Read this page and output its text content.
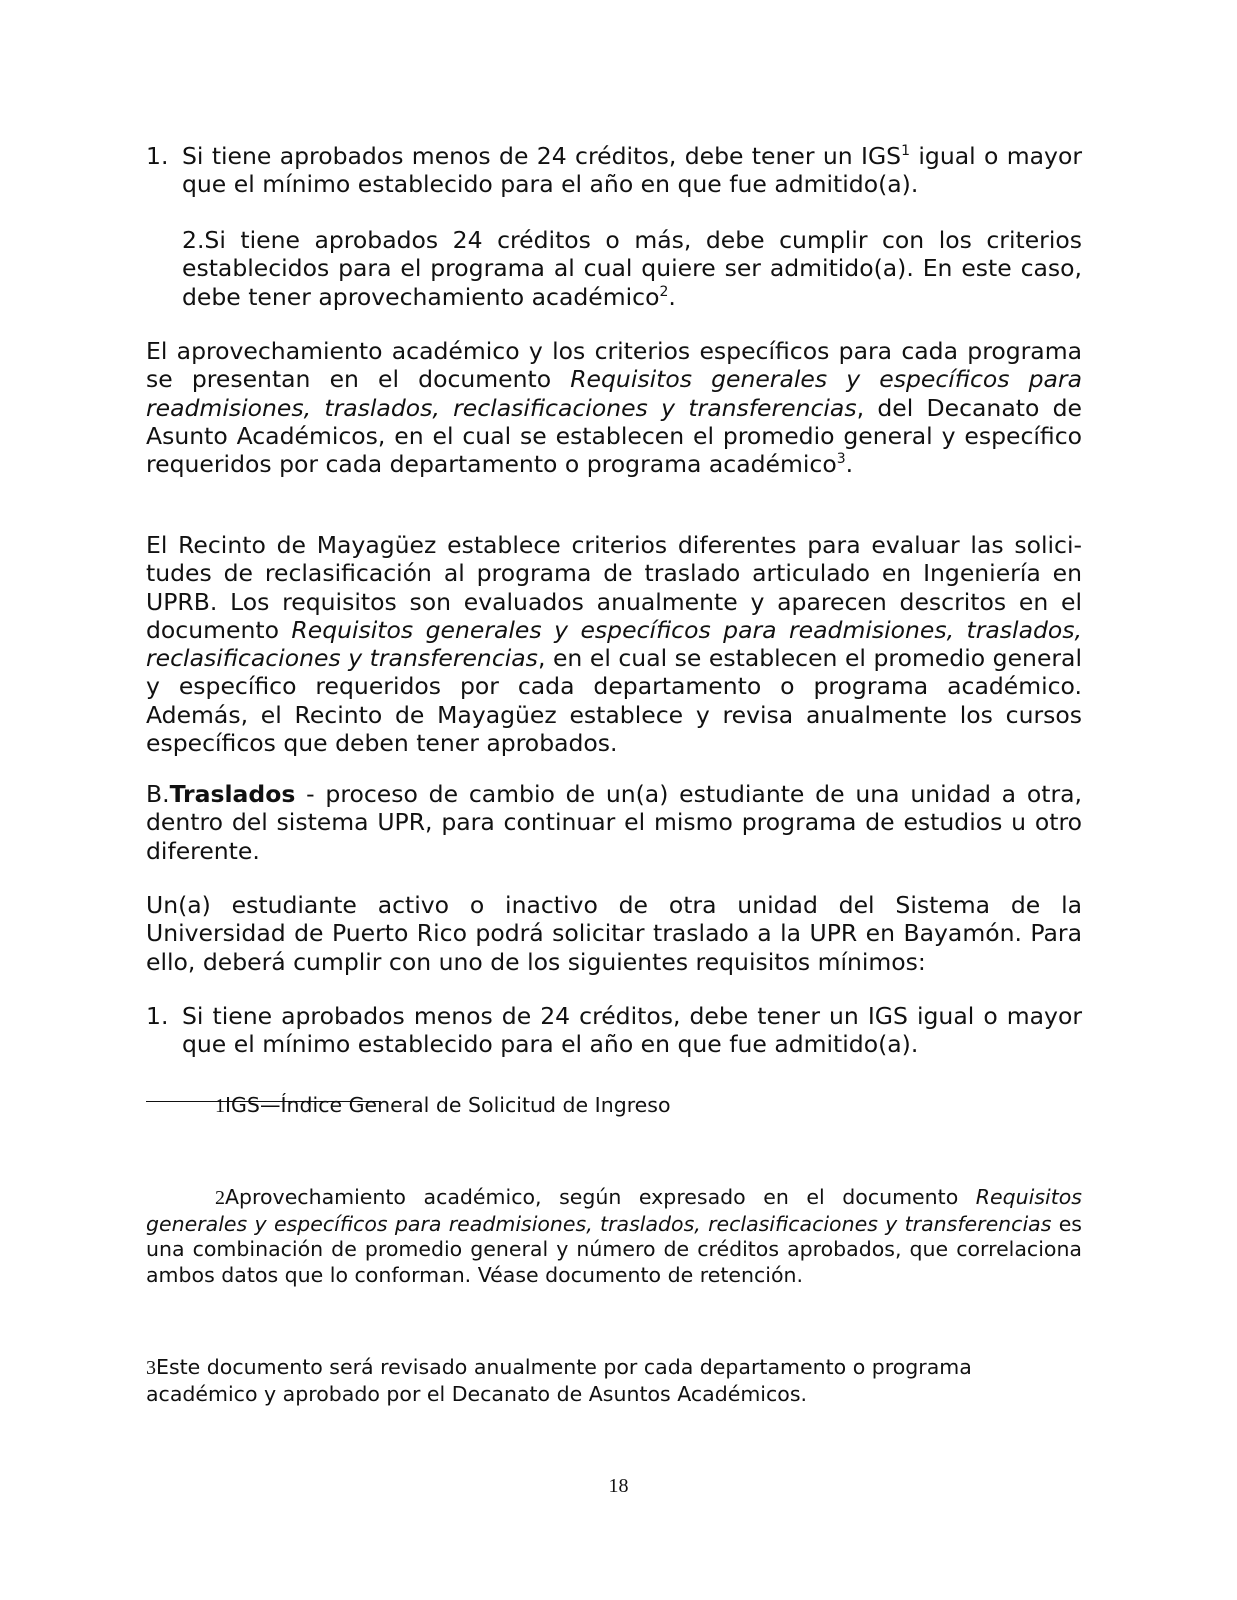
1. Si tiene aprobados menos de 24 créditos, debe tener un IGS$^1$ igual o mayor que el mínimo establecido para el año en que fue admitido(a).

2.Si tiene aprobados 24 créditos o más, debe cumplir con los criterios establecidos para el programa al cual quiere ser admitido(a). En este caso, debe tener aprovechamiento académico$^2$.

El aprovechamiento académico y los criterios específicos para cada programa se presentan en el documento Requisitos generales y específicos para readmisiones, traslados, reclasificaciones y transferencias, del Decanato de Asunto Académicos, en el cual se establecen el promedio general y específico requeridos por cada departamento o programa académico$^3$.

El Recinto de Mayagüez establece criterios diferentes para evaluar las solicitudes de reclasificación al programa de traslado articulado en Ingeniería en UPRB. Los requisitos son evaluados anualmente y aparecen descritos en el documento Requisitos generales y específicos para readmisiones, traslados, reclasificaciones y transferencias, en el cual se establecen el promedio general y específico requeridos por cada departamento o programa académico. Además, el Recinto de Mayagüez establece y revisa anualmente los cursos específicos que deben tener aprobados.

B.Traslados - proceso de cambio de un(a) estudiante de una unidad a otra, dentro del sistema UPR, para continuar el mismo programa de estudios u otro diferente.

Un(a) estudiante activo o inactivo de otra unidad del Sistema de la Universidad de Puerto Rico podrá solicitar traslado a la UPR en Bayamón. Para ello, deberá cumplir con uno de los siguientes requisitos mínimos:

1. Si tiene aprobados menos de 24 créditos, debe tener un IGS igual o mayor que el mínimo establecido para el año en que fue admitido(a).

1IGS—Índice General de Solicitud de Ingreso

2Aprovechamiento académico, según expresado en el documento Requisitos generales y específicos para readmisiones, traslados, reclasificaciones y transferencias es una combinación de promedio general y número de créditos aprobados, que correlaciona ambos datos que lo conforman. Véase documento de retención.

3Este documento será revisado anualmente por cada departamento o programa académico y aprobado por el Decanato de Asuntos Académicos.

18
